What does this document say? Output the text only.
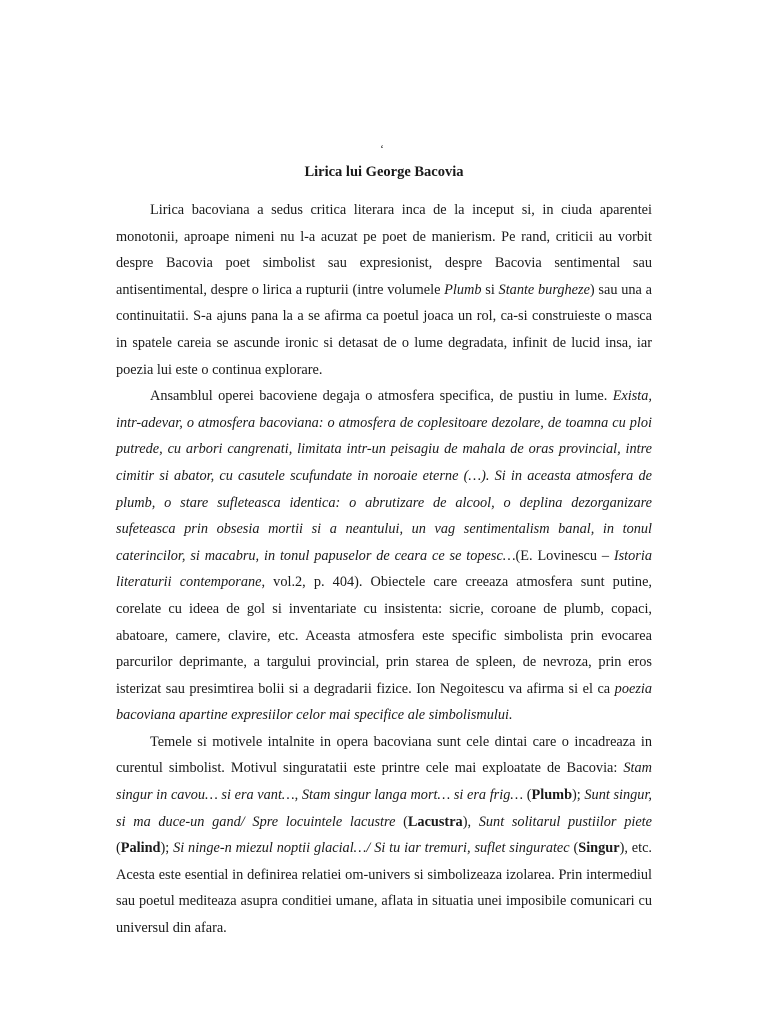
‘
Lirica lui George Bacovia

Lirica bacoviana a sedus critica literara inca de la inceput si, in ciuda aparentei monotonii, aproape nimeni nu l-a acuzat pe poet de manierism. Pe rand, criticii au vorbit despre Bacovia poet simbolist sau expresionist, despre Bacovia sentimental sau antisentimental, despre o lirica a rupturii (intre volumele Plumb si Stante burgheze) sau una a continuitatii. S-a ajuns pana la a se afirma ca poetul joaca un rol, ca-si construieste o masca in spatele careia se ascunde ironic si detasat de o lume degradata, infinit de lucid insa, iar poezia lui este o continua explorare.

Ansamblul operei bacoviene degaja o atmosfera specifica, de pustiu in lume. Exista, intr-adevar, o atmosfera bacoviana: o atmosfera de coplesitoare dezolare, de toamna cu ploi putrede, cu arbori cangrenati, limitata intr-un peisagiu de mahala de oras provincial, intre cimitir si abator, cu casutele scufundate in noroaie eterne (…). Si in aceasta atmosfera de plumb, o stare sufleteasca identica: o abrutizare de alcool, o deplina dezorganizare sufeteasca prin obsesia mortii si a neantului, un vag sentimentalism banal, in tonul caterincilor, si macabru, in tonul papuselor de ceara ce se topesc…(E. Lovinescu – Istoria literaturii contemporane, vol.2, p. 404). Obiectele care creeaza atmosfera sunt putine, corelate cu ideea de gol si inventariate cu insistenta: sicrie, coroane de plumb, copaci, abatoare, camere, clavire, etc. Aceasta atmosfera este specific simbolista prin evocarea parcurilor deprimante, a targului provincial, prin starea de spleen, de nevroza, prin eros isterizat sau presimtirea bolii si a degradarii fizice. Ion Negoitescu va afirma si el ca poezia bacoviana apartine expresiilor celor mai specifice ale simbolismului.

Temele si motivele intalnite in opera bacoviana sunt cele dintai care o incadreaza in curentul simbolist. Motivul singuratatii este printre cele mai exploatate de Bacovia: Stam singur in cavou… si era vant…, Stam singur langa mort… si era frig… (Plumb); Sunt singur, si ma duce-un gand/ Spre locuintele lacustre (Lacustra), Sunt solitarul pustiilor piete (Palind); Si ninge-n miezul noptii glacial…/ Si tu iar tremuri, suflet singuratec (Singur), etc. Acesta este esential in definirea relatiei om-univers si simbolizeaza izolarea. Prin intermediul sau poetul mediteaza asupra conditiei umane, aflata in situatia unei imposibile comunicari cu universul din afara.
